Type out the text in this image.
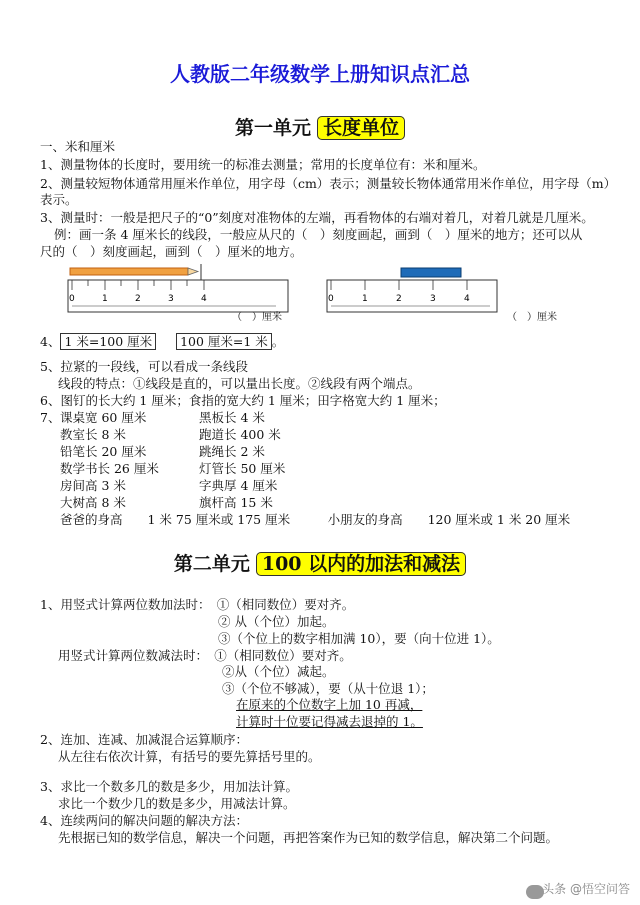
人教版二年级数学上册知识点汇总
第一单元 长度单位
一、米和厘米
1、测量物体的长度时，要用统一的标准去测量；常用的长度单位有：米和厘米。
2、测量较短物体通常用厘米作单位，用字母（cm）表示；测量较长物体通常用米作单位，用字母（m）
表示。
3、测量时：一般是把尺子的“0”刻度对准物体的左端，再看物体的右端对着几，对着几就是几厘米。
例：画一条 4 厘米长的线段，一般应从尺的（　）刻度画起，画到（　）厘米的地方；还可以从
尺的（　）刻度画起，画到（　）厘米的地方。
0	1	2	3	4
（　）厘米
0	1	2	3	4
（　）厘米
4、 1 米=100 厘米 100 厘米=1 米 。
5、拉紧的一段线，可以看成一条线段
线段的特点：①线段是直的，可以量出长度。②线段有两个端点。
6、图钉的长大约 1 厘米；食指的宽大约 1 厘米；田字格宽大约 1 厘米；
7、 课桌宽 60 厘米	黑板长 4 米
教室长 8 米	跑道长 400 米
铅笔长 20 厘米	跳绳长 2 米
数学书长 26 厘米	灯管长 50 厘米
房间高 3 米	字典厚 4 厘米
大树高 8 米	旗杆高 15 米
爸爸的身高　　1 米 75 厘米或 175 厘米　　　小朋友的身高　　120 厘米或 1 米 20 厘米
第二单元 100 以内的加法和减法
1、用竖式计算两位数加法时：　①（相同数位）要对齐。
② 从（个位）加起。
③（个位上的数字相加满 10），要（向十位进 1）。
用竖式计算两位数减法时：　①（相同数位）要对齐。
②从（个位）减起。
③（个位不够减），要（从十位退 1）；
在原来的个位数字上加 10 再减，
计算时十位要记得减去退掉的 1。
2、连加、连减、加减混合运算顺序：
从左往右依次计算，有括号的要先算括号里的。
3、求比一个数多几的数是多少，用加法计算。
求比一个数少几的数是多少，用减法计算。
4、连续两问的解决问题的解决方法：
先根据已知的数学信息，解决一个问题，再把答案作为已知的数学信息，解决第二个问题。
头条 @悟空问答
